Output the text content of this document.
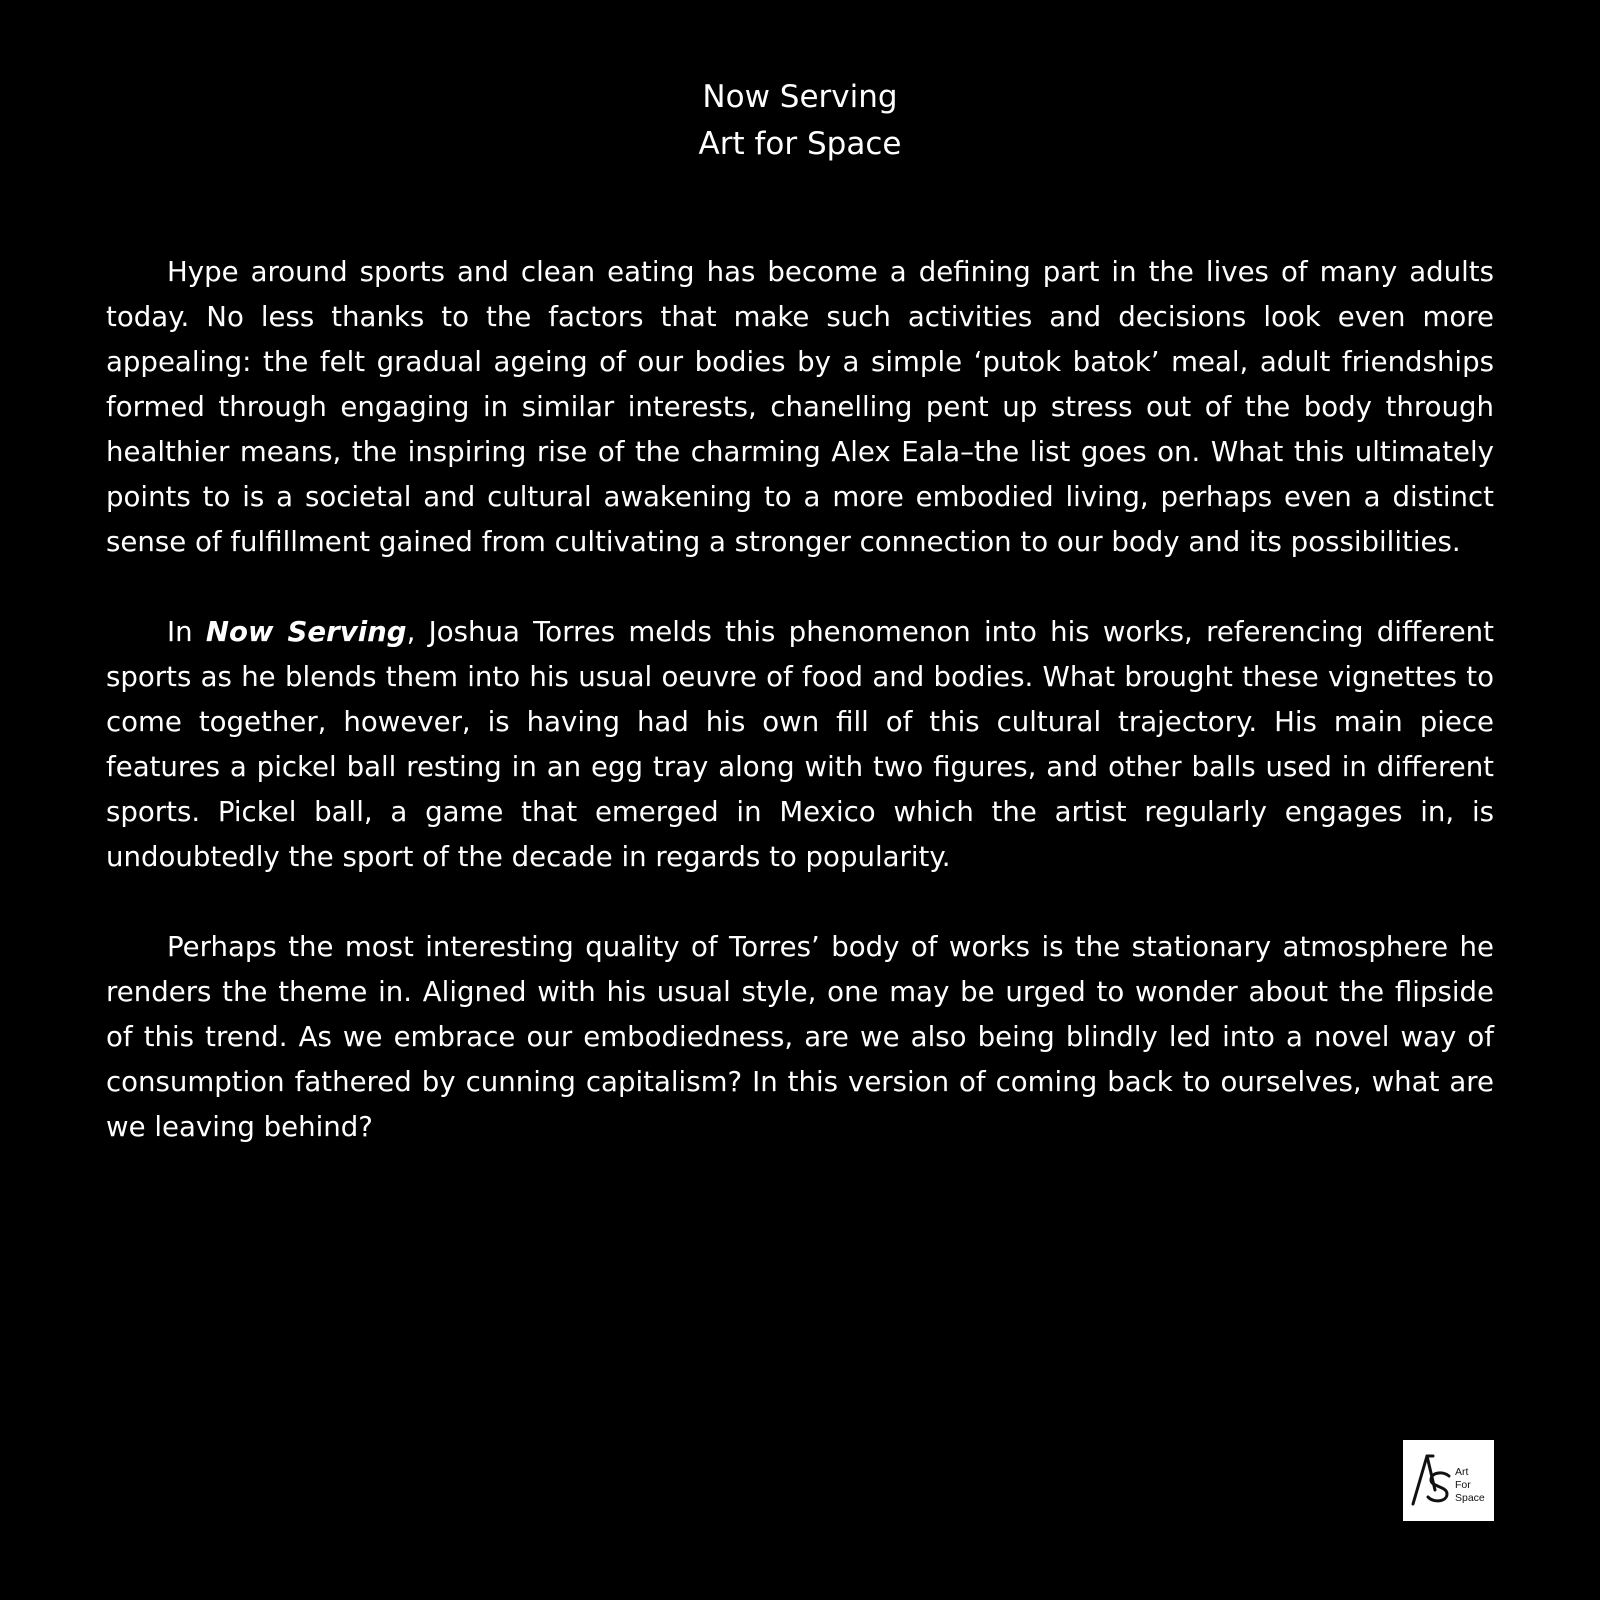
Now Serving
Art for Space

Hype around sports and clean eating has become a defining part in the lives of many adults today. No less thanks to the factors that make such activities and decisions look even more appealing: the felt gradual ageing of our bodies by a simple ‘putok batok’ meal, adult friendships formed through engaging in similar interests, chanelling pent up stress out of the body through healthier means, the inspiring rise of the charming Alex Eala–the list goes on. What this ultimately points to is a societal and cultural awakening to a more embodied living, perhaps even a distinct sense of fulfillment gained from cultivating a stronger connection to our body and its possibilities.

In Now Serving, Joshua Torres melds this phenomenon into his works, referencing different sports as he blends them into his usual oeuvre of food and bodies. What brought these vignettes to come together, however, is having had his own fill of this cultural trajectory. His main piece features a pickel ball resting in an egg tray along with two figures, and other balls used in different sports. Pickel ball, a game that emerged in Mexico which the artist regularly engages in, is undoubtedly the sport of the decade in regards to popularity.

Perhaps the most interesting quality of Torres’ body of works is the stationary atmosphere he renders the theme in. Aligned with his usual style, one may be urged to wonder about the flipside of this trend. As we embrace our embodiedness, are we also being blindly led into a novel way of consumption fathered by cunning capitalism? In this version of coming back to ourselves, what are we leaving behind?

Art
For
Space
